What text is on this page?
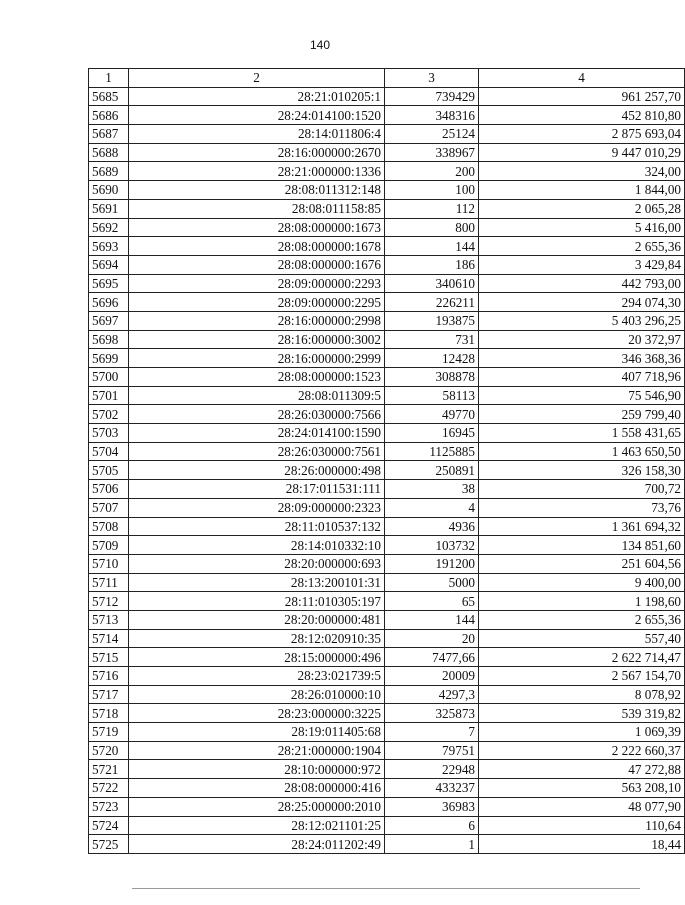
140
1	2	3	4
5685	28:21:010205:1	739429	961 257,70
5686	28:24:014100:1520	348316	452 810,80
5687	28:14:011806:4	25124	2 875 693,04
5688	28:16:000000:2670	338967	9 447 010,29
5689	28:21:000000:1336	200	324,00
5690	28:08:011312:148	100	1 844,00
5691	28:08:011158:85	112	2 065,28
5692	28:08:000000:1673	800	5 416,00
5693	28:08:000000:1678	144	2 655,36
5694	28:08:000000:1676	186	3 429,84
5695	28:09:000000:2293	340610	442 793,00
5696	28:09:000000:2295	226211	294 074,30
5697	28:16:000000:2998	193875	5 403 296,25
5698	28:16:000000:3002	731	20 372,97
5699	28:16:000000:2999	12428	346 368,36
5700	28:08:000000:1523	308878	407 718,96
5701	28:08:011309:5	58113	75 546,90
5702	28:26:030000:7566	49770	259 799,40
5703	28:24:014100:1590	16945	1 558 431,65
5704	28:26:030000:7561	1125885	1 463 650,50
5705	28:26:000000:498	250891	326 158,30
5706	28:17:011531:111	38	700,72
5707	28:09:000000:2323	4	73,76
5708	28:11:010537:132	4936	1 361 694,32
5709	28:14:010332:10	103732	134 851,60
5710	28:20:000000:693	191200	251 604,56
5711	28:13:200101:31	5000	9 400,00
5712	28:11:010305:197	65	1 198,60
5713	28:20:000000:481	144	2 655,36
5714	28:12:020910:35	20	557,40
5715	28:15:000000:496	7477,66	2 622 714,47
5716	28:23:021739:5	20009	2 567 154,70
5717	28:26:010000:10	4297,3	8 078,92
5718	28:23:000000:3225	325873	539 319,82
5719	28:19:011405:68	7	1 069,39
5720	28:21:000000:1904	79751	2 222 660,37
5721	28:10:000000:972	22948	47 272,88
5722	28:08:000000:416	433237	563 208,10
5723	28:25:000000:2010	36983	48 077,90
5724	28:12:021101:25	6	110,64
5725	28:24:011202:49	1	18,44
